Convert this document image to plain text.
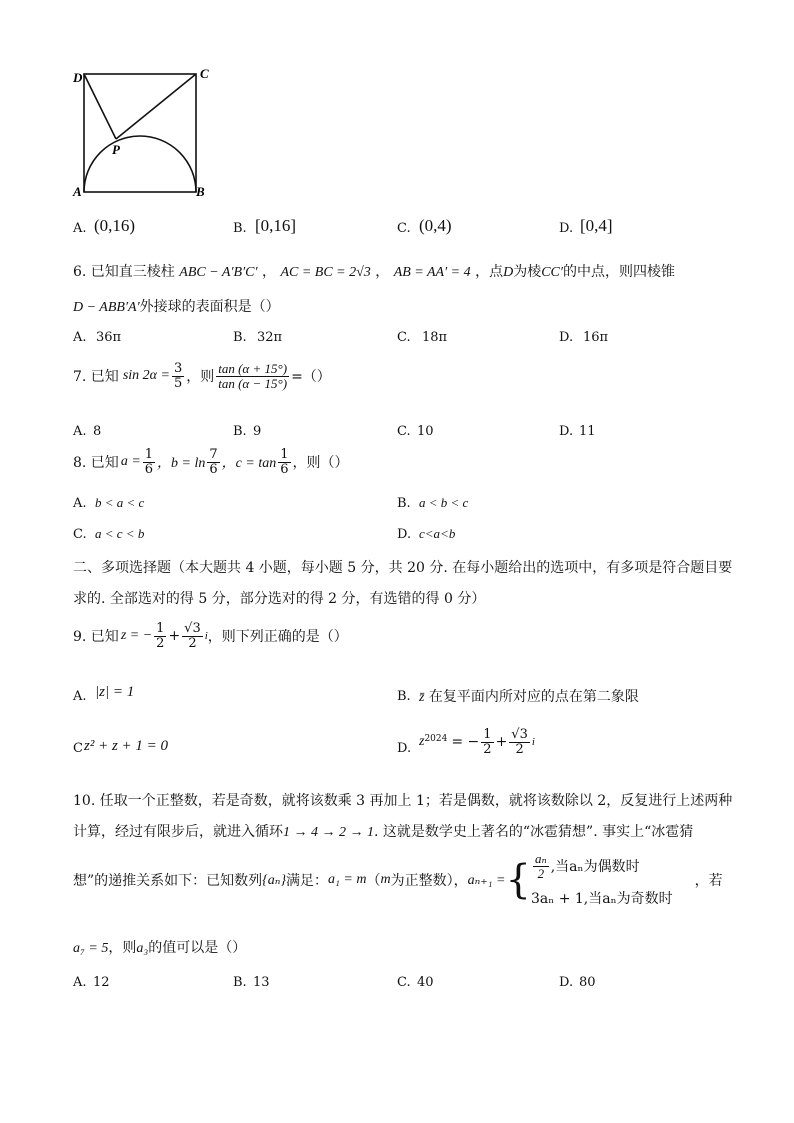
D	C
P
A	B
A. (0,16)	B. [0,16]	C. (0,4)	D. [0,4]
6. 已知直三棱柱 ABC − A′B′C′ ， AC = BC = 2√3 ， AB = AA′ = 4 ，点D为棱CC′的中点，则四棱锥
D − ABB′A′外接球的表面积是（）
A. 36π	B. 32π	C. 18π	D. 16π
7. 已知 $\sin 2\alpha = \frac{3}{5}$ ，则 $\frac{\tan (\alpha + 15^\circ)}{\tan (\alpha - 15^\circ)}$ =（）
A. 8	B. 9	C. 10	D. 11
8. 已知 $a = \frac{1}{6}$ ，$b = \ln \frac{7}{6}$ ，$c = \tan \frac{1}{6}$ ，则（）
A. b < a < c	B. a < b < c
C. a < c < b	D. c<a<b
二、多项选择题（本大题共 4 小题，每小题 5 分，共 20 分. 在每小题给出的选项中，有多项是符合题目要
求的. 全部选对的得 5 分，部分选对的得 2 分，有选错的得 0 分）
9. 已知 z = − $\frac{1}{2} + \frac{√3}{2}$ i ，则下列正确的是（）
A. |z| = 1	B. z̄ 在复平面内所对应的点在第二象限
C z² + z + 1 = 0	D. $z^{2024}$ = − $\frac{1}{2} + \frac{√3}{2}$ i
10. 任取一个正整数，若是奇数，就将该数乘 3 再加上 1；若是偶数，就将该数除以 2，反复进行上述两种
计算，经过有限步后，就进入循环1 → 4 → 2 → 1. 这就是数学史上著名的“冰雹猜想”. 事实上“冰雹猜
想”的递推关系如下：已知数列 {aₙ} 满足： a₁ = m （ m 为正整数）， aₙ₊₁ = { $\frac{\text{aₙ}}{2}$ ,当aₙ为偶数时
3aₙ + 1,当aₙ为奇数时
，若
a₇ = 5，则a₃的值可以是（）
A. 12	B. 13	C. 40	D. 80
